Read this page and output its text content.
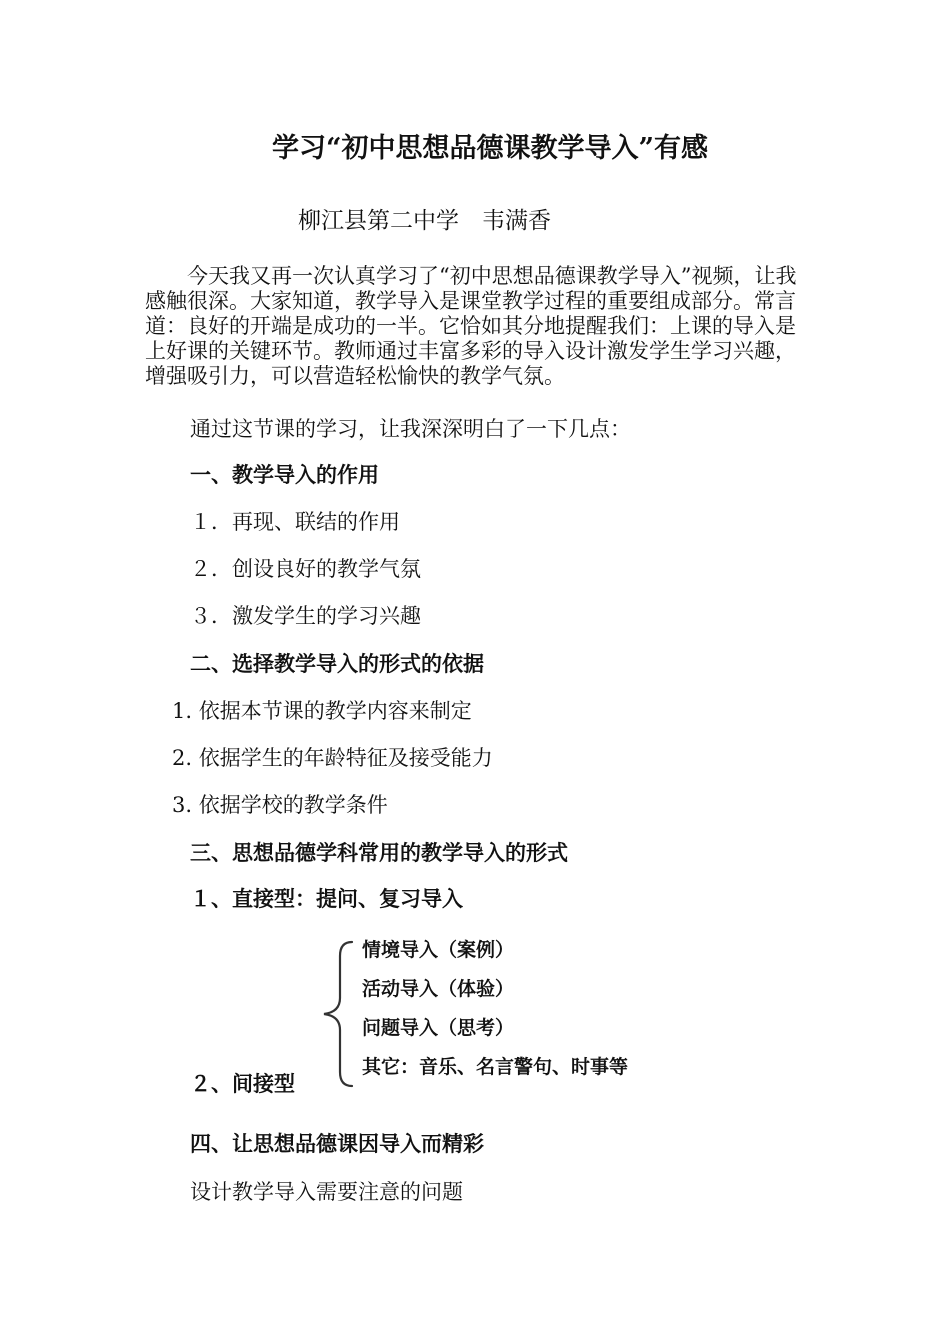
学习“初中思想品德课教学导入”有感

柳江县第二中学　韦满香

今天我又再一次认真学习了“初中思想品德课教学导入”视频，让我感触很深。大家知道，教学导入是课堂教学过程的重要组成部分。常言道：良好的开端是成功的一半。它恰如其分地提醒我们：上课的导入是上好课的关键环节。教师通过丰富多彩的导入设计激发学生学习兴趣，增强吸引力，可以营造轻松愉快的教学气氛。

通过这节课的学习，让我深深明白了一下几点：

一、教学导入的作用

１．再现、联结的作用

２．创设良好的教学气氛

３．激发学生的学习兴趣

二、选择教学导入的形式的依据

1. 依据本节课的教学内容来制定

2. 依据学生的年龄特征及接受能力

3. 依据学校的教学条件

三、思想品德学科常用的教学导入的形式

１、直接型：提问、复习导入

情境导入（案例）
活动导入（体验）
问题导入（思考）
其它：音乐、名言警句、时事等

２、间接型

四、让思想品德课因导入而精彩

设计教学导入需要注意的问题
